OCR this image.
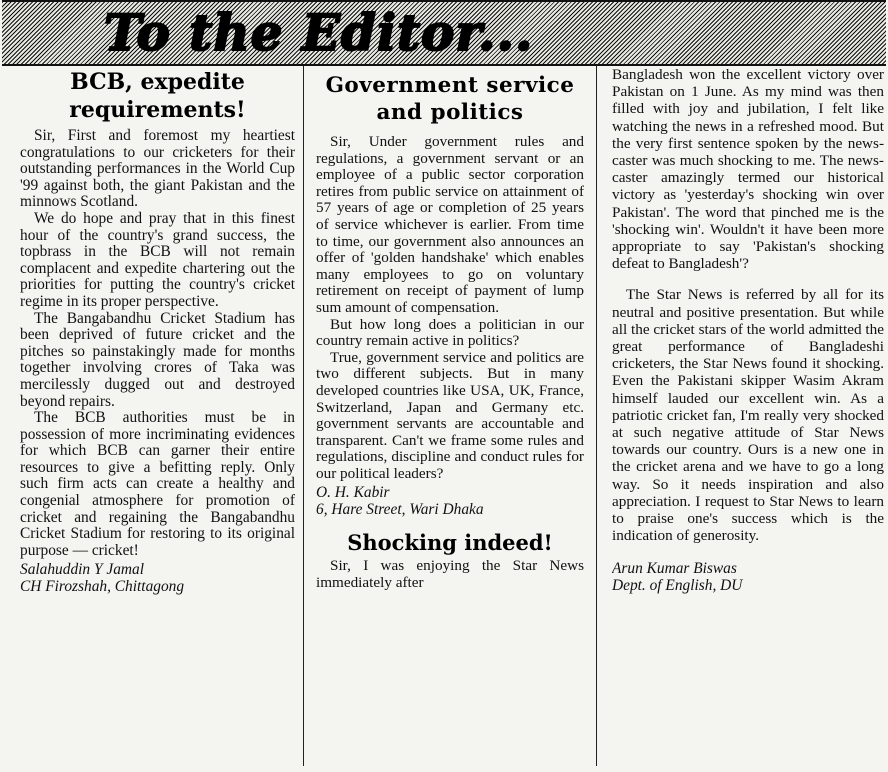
To the Editor...
BCB, expedite requirements!

Sir, First and foremost my heartiest congratulations to our cricketers for their outstanding performances in the World Cup '99 against both, the giant Pakistan and the minnows Scotland.

We do hope and pray that in this finest hour of the country's grand success, the topbrass in the BCB will not remain complacent and expedite chartering out the priorities for putting the country's cricket regime in its proper perspective.

The Bangabandhu Cricket Stadium has been deprived of future cricket and the pitches so painstakingly made for months together involving crores of Taka was mercilessly dugged out and destroyed beyond repairs.

The BCB authorities must be in possession of more incriminating evidences for which BCB can garner their entire resources to give a befitting reply. Only such firm acts can create a healthy and congenial atmosphere for promotion of cricket and regaining the Bangabandhu Cricket Stadium for restoring to its original purpose — cricket!

Salahuddin Y Jamal
CH Firozshah, Chittagong
Government service and politics

Sir, Under government rules and regulations, a government servant or an employee of a public sector corporation retires from public service on attainment of 57 years of age or completion of 25 years of service whichever is earlier. From time to time, our government also announces an offer of 'golden handshake' which enables many employees to go on voluntary retirement on receipt of payment of lump sum amount of compensation.

But how long does a politician in our country remain active in politics?

True, government service and politics are two different subjects. But in many developed countries like USA, UK, France, Switzerland, Japan and Germany etc. government servants are accountable and transparent. Can't we frame some rules and regulations, discipline and conduct rules for our political leaders?

O. H. Kabir
6, Hare Street, Wari Dhaka
Shocking indeed!

Sir, I was enjoying the Star News immediately after

Bangladesh won the excellent victory over Pakistan on 1 June. As my mind was then filled with joy and jubilation, I felt like watching the news in a refreshed mood. But the very first sentence spoken by the news-caster was much shocking to me. The news-caster amazingly termed our historical victory as 'yesterday's shocking win over Pakistan'. The word that pinched me is the 'shocking win'. Wouldn't it have been more appropriate to say 'Pakistan's shocking defeat to Bangladesh'?

The Star News is referred by all for its neutral and positive presentation. But while all the cricket stars of the world admitted the great performance of Bangladeshi cricketers, the Star News found it shocking. Even the Pakistani skipper Wasim Akram himself lauded our excellent win. As a patriotic cricket fan, I'm really very shocked at such negative attitude of Star News towards our country. Ours is a new one in the cricket arena and we have to go a long way. So it needs inspiration and also appreciation. I request to Star News to learn to praise one's success which is the indication of generosity.

Arun Kumar Biswas
Dept. of English, DU
